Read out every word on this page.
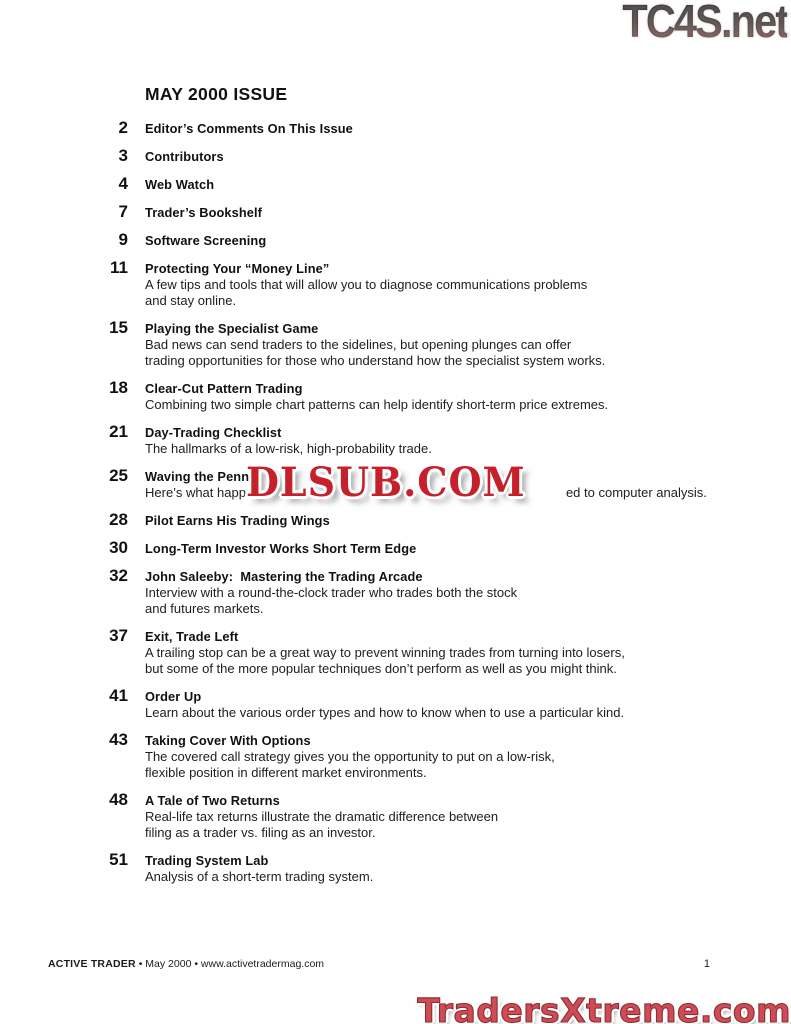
TC4S.net
MAY 2000 ISSUE
2 Editor’s Comments On This Issue
3 Contributors
4 Web Watch
7 Trader’s Bookshelf
9 Software Screening
11 Protecting Your “Money Line”
A few tips and tools that will allow you to diagnose communications problems
and stay online.
15 Playing the Specialist Game
Bad news can send traders to the sidelines, but opening plunges can offer
trading opportunities for those who understand how the specialist system works.
18 Clear-Cut Pattern Trading
Combining two simple chart patterns can help identify short-term price extremes.
21 Day-Trading Checklist
The hallmarks of a low-risk, high-probability trade.
25 Waving the Penn
Here’s what happ	ed to computer analysis.
DLSUB.COM
28 Pilot Earns His Trading Wings
30 Long-Term Investor Works Short Term Edge
32 John Saleeby:  Mastering the Trading Arcade
Interview with a round-the-clock trader who trades both the stock
and futures markets.
37 Exit, Trade Left
A trailing stop can be a great way to prevent winning trades from turning into losers,
but some of the more popular techniques don’t perform as well as you might think.
41 Order Up
Learn about the various order types and how to know when to use a particular kind.
43 Taking Cover With Options
The covered call strategy gives you the opportunity to put on a low-risk,
flexible position in different market environments.
48 A Tale of Two Returns
Real-life tax returns illustrate the dramatic difference between
filing as a trader vs. filing as an investor.
51 Trading System Lab
Analysis of a short-term trading system.
ACTIVE TRADER • May 2000 • www.activetradermag.com	1
TradersXtreme.com
